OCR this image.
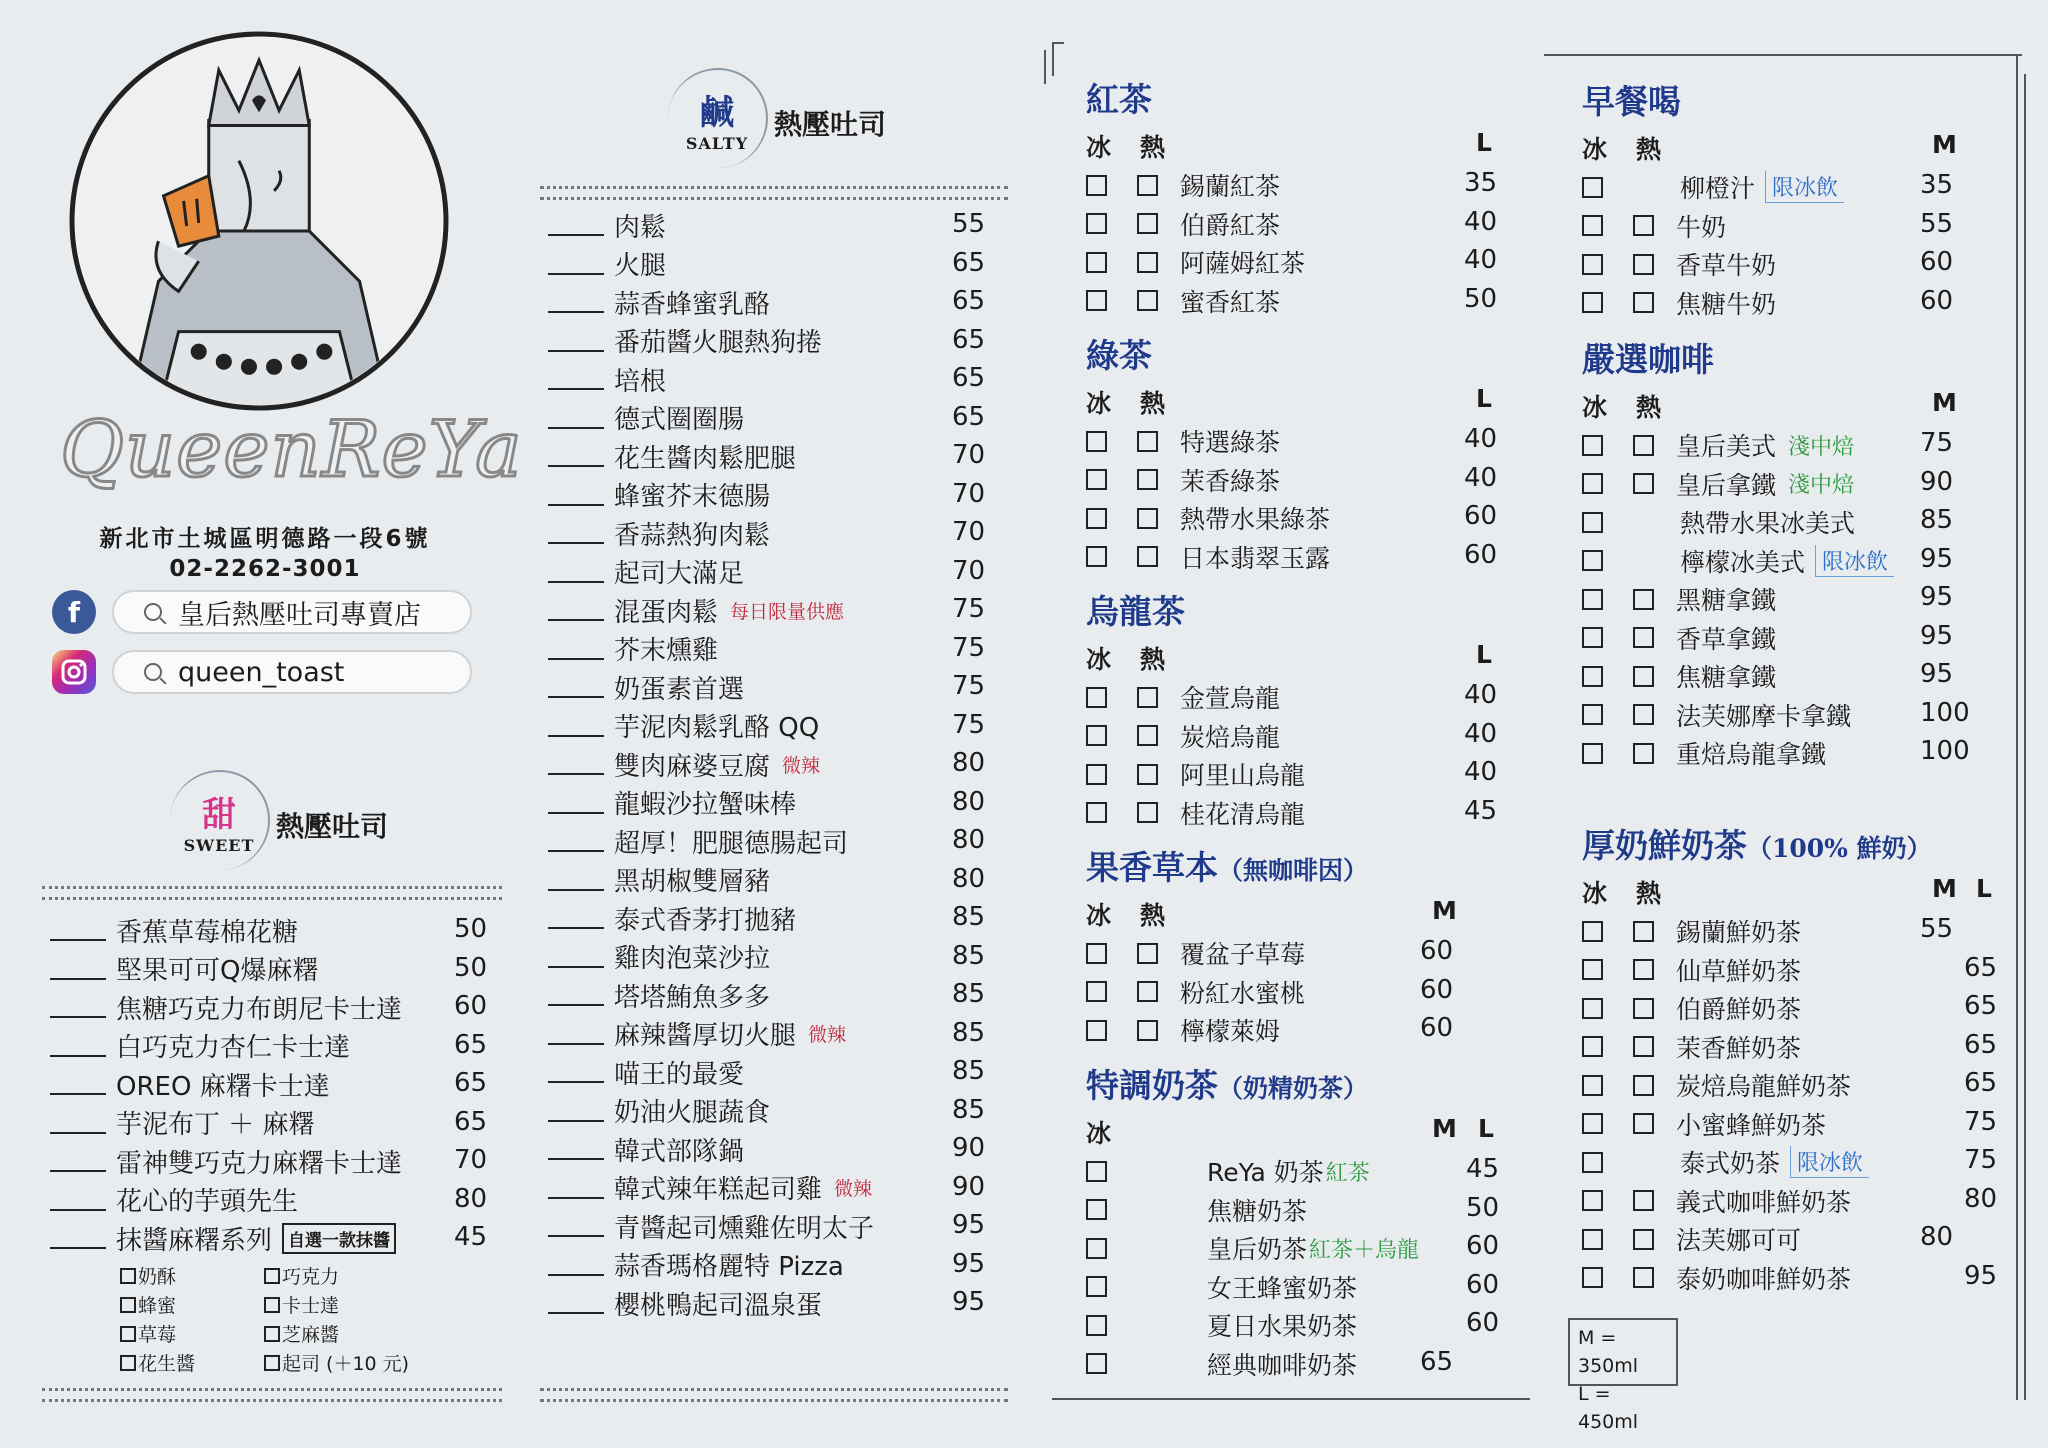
QueenReYa
新北市土城區明德路一段6號
02-2262-3001
f	皇后熱壓吐司專賣店
queen_toast
甜
SWEET
熱壓吐司
香蕉草莓棉花糖	50
堅果可可Q爆麻糬	50
焦糖巧克力布朗尼卡士達 60
白巧克力杏仁卡士達	65
OREO 麻糬卡士達	65
芋泥布丁 ＋ 麻糬	65
雷神雙巧克力麻糬卡士達 70
花心的芋頭先生	80
抹醬麻糬系列 自選一款抹醬 45
奶酥	巧克力
蜂蜜	卡士達
草莓	芝麻醬
花生醬	起司 (＋10 元)
鹹
SALTY
熱壓吐司
肉鬆	55
火腿	65
蒜香蜂蜜乳酪	65
番茄醬火腿熱狗捲	65
培根	65
德式圈圈腸	65
花生醬肉鬆肥腿	70
蜂蜜芥末德腸	70
香蒜熱狗肉鬆	70
起司大滿足	70
混蛋肉鬆 每日限量供應	75
芥末燻雞	75
奶蛋素首選	75
芋泥肉鬆乳酪 QQ	75
雙肉麻婆豆腐 微辣	80
龍蝦沙拉蟹味棒	80
超厚！肥腿德腸起司	80
黑胡椒雙層豬	80
泰式香茅打拋豬	85
雞肉泡菜沙拉	85
塔塔鮪魚多多	85
麻辣醬厚切火腿 微辣	85
喵王的最愛	85
奶油火腿蔬食	85
韓式部隊鍋	90
韓式辣年糕起司雞 微辣	90
青醬起司燻雞佐明太子	95
蒜香瑪格麗特 Pizza	95
櫻桃鴨起司溫泉蛋	95
紅茶
冰 熱	L
錫蘭紅茶	35
伯爵紅茶	40
阿薩姆紅茶	40
蜜香紅茶	50
綠茶
冰 熱	L
特選綠茶	40
茉香綠茶	40
熱帶水果綠茶	60
日本翡翠玉露	60
烏龍茶
冰 熱	L
金萱烏龍	40
炭焙烏龍	40
阿里山烏龍	40
桂花清烏龍	45
果香草本（無咖啡因）
冰 熱	M
覆盆子草莓	60
粉紅水蜜桃	60
檸檬萊姆	60
特調奶茶（奶精奶茶）
冰	M L
ReYa 奶茶 紅茶	45
焦糖奶茶	50
皇后奶茶 紅茶＋烏龍 60
女王蜂蜜奶茶	60
夏日水果奶茶	60
經典咖啡奶茶 65
早餐喝
冰 熱	M
柳橙汁 限冰飲	35
牛奶	55
香草牛奶	60
焦糖牛奶	60
嚴選咖啡
冰 熱	M
皇后美式 淺中焙	75
皇后拿鐵 淺中焙	90
熱帶水果冰美式 85
檸檬冰美式 限冰飲 95
黑糖拿鐵	95
香草拿鐵	95
焦糖拿鐵	95
法芙娜摩卡拿鐵	100
重焙烏龍拿鐵	100
厚奶鮮奶茶（100% 鮮奶）
冰 熱	M L
錫蘭鮮奶茶	55
仙草鮮奶茶	65
伯爵鮮奶茶	65
茉香鮮奶茶	65
炭焙烏龍鮮奶茶	65
小蜜蜂鮮奶茶	75
泰式奶茶 限冰飲	75
義式咖啡鮮奶茶	80
法芙娜可可	80
泰奶咖啡鮮奶茶	95
M = 350ml
L = 450ml
